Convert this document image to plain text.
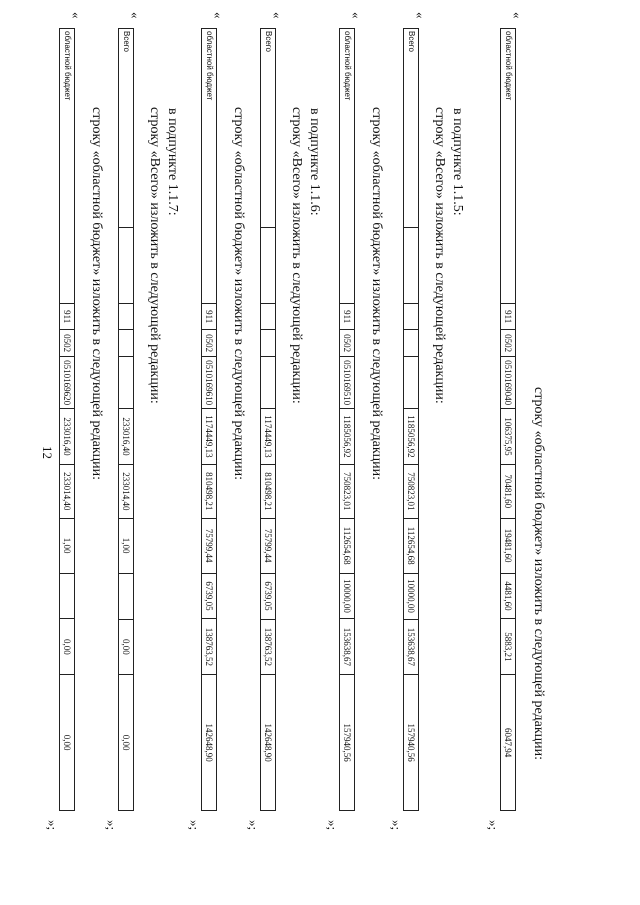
12	строку «областной бюджет» изложить в следующей редакции:
«
областной бюджет
911
0502
0510169040
106375,95
70481,60
19481,60
4481,60
5883,21
6047,94
»;
в подпункте 1.1.5:
строку «Всего» изложить в следующей редакции:
«
Всего
1185056,92
750823,01
112654,68
10000,00
153638,67
157940,56
»;
строку «областной бюджет» изложить в следующей редакции:
«
областной бюджет
911
0502
0510169510
1185056,92
750823,01
112654,68
10000,00
153638,67
157940,56
»;
в подпункте 1.1.6:
строку «Всего» изложить в следующей редакции:
«
Всего
1174449,13
810498,21
75799,44
6739,05
138763,52
142648,90
»;
строку «областной бюджет» изложить в следующей редакции:
«
областной бюджет
911
0502
0510169610
1174449,13
810498,21
75799,44
6739,05
138763,52
142648,90
»;
в подпункте 1.1.7:
строку «Всего» изложить в следующей редакции:
«
Всего
233016,40
233014,40
1,00
0,00
0,00
»;
строку «областной бюджет» изложить в следующей редакции:
«
областной бюджет
911
0502
0510169620
233016,40
233014,40
1,00
0,00
0,00
»;
